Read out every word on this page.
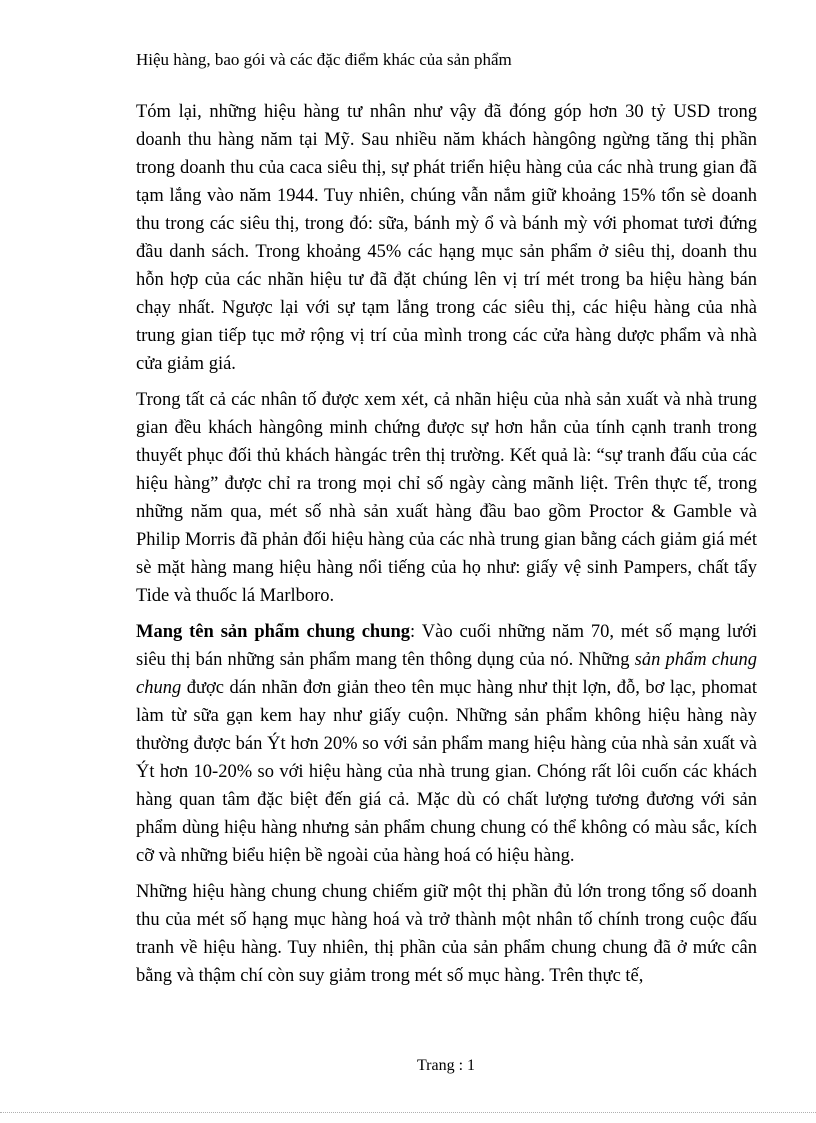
Hiệu hàng, bao gói và các đặc điểm khác của sản phẩm

Tóm lại, những hiệu hàng tư nhân như vậy đã đóng góp hơn 30 tỷ USD trong doanh thu hàng năm tại Mỹ. Sau nhiều năm khách hàngông ngừng tăng thị phần trong doanh thu của caca siêu thị, sự phát triển hiệu hàng của các nhà trung gian đã tạm lắng vào năm 1944. Tuy nhiên, chúng vẫn nắm giữ khoảng 15% tổn sè doanh thu trong các siêu thị, trong đó: sữa, bánh mỳ ổ và bánh mỳ với phomat tươi đứng đầu danh sách. Trong khoảng 45% các hạng mục sản phẩm ở siêu thị, doanh thu hỗn hợp của các nhãn hiệu tư đã đặt chúng lên vị trí mét trong ba hiệu hàng bán chạy nhất. Ngược lại với sự tạm lắng trong các siêu thị, các hiệu hàng của nhà trung gian tiếp tục mở rộng vị trí của mình trong các cửa hàng dược phẩm và nhà cửa giảm giá.

Trong tất cả các nhân tố được xem xét, cả nhãn hiệu của nhà sản xuất và nhà trung gian đều khách hàngông minh chứng được sự hơn hẳn của tính cạnh tranh trong thuyết phục đối thủ khách hàngác trên thị trường. Kết quả là: “sự tranh đấu của các hiệu hàng” được chỉ ra trong mọi chỉ số ngày càng mãnh liệt. Trên thực tế, trong những năm qua, mét số nhà sản xuất hàng đầu bao gồm Proctor & Gamble và Philip Morris đã phản đối hiệu hàng của các nhà trung gian bằng cách giảm giá mét sè mặt hàng mang hiệu hàng nổi tiếng của họ như: giấy vệ sinh Pampers, chất tẩy Tide và thuốc lá Marlboro.

Mang tên sản phẩm chung chung: Vào cuối những năm 70, mét số mạng lưới siêu thị bán những sản phẩm mang tên thông dụng của nó. Những sản phẩm chung chung được dán nhãn đơn giản theo tên mục hàng như thịt lợn, đỗ, bơ lạc, phomat làm từ sữa gạn kem hay như giấy cuộn. Những sản phẩm không hiệu hàng này thường được bán Ýt hơn 20% so với sản phẩm mang hiệu hàng của nhà sản xuất và Ýt hơn 10-20% so với hiệu hàng của nhà trung gian. Chóng rất lôi cuốn các khách hàng quan tâm đặc biệt đến giá cả. Mặc dù có chất lượng tương đương với sản phẩm dùng hiệu hàng nhưng sản phẩm chung chung có thể không có màu sắc, kích cỡ và những biểu hiện bề ngoài của hàng hoá có hiệu hàng.

Những hiệu hàng chung chung chiếm giữ một thị phần đủ lớn trong tổng số doanh thu của mét số hạng mục hàng hoá và trở thành một nhân tố chính trong cuộc đấu tranh về hiệu hàng. Tuy nhiên, thị phần của sản phẩm chung chung đã ở mức cân bằng và thậm chí còn suy giảm trong mét số mục hàng. Trên thực tế,

Trang : 1
